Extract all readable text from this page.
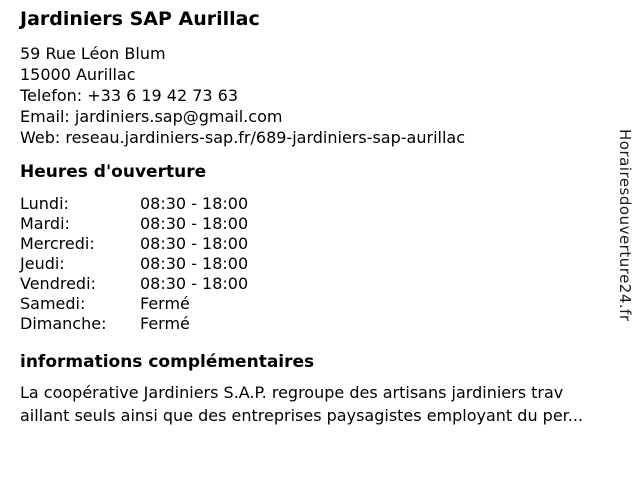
Jardiniers SAP Aurillac
59 Rue Léon Blum
15000 Aurillac
Telefon: +33 6 19 42 73 63
Email: jardiniers.sap@gmail.com
Web: reseau.jardiniers-sap.fr/689-jardiniers-sap-aurillac
Heures d'ouverture
Lundi:	08:30 - 18:00
Mardi:	08:30 - 18:00
Mercredi:	08:30 - 18:00
Jeudi:	08:30 - 18:00
Vendredi:	08:30 - 18:00
Samedi:	Fermé
Dimanche:	Fermé
informations complémentaires
La coopérative Jardiniers S.A.P. regroupe des artisans jardiniers trav
aillant seuls ainsi que des entreprises paysagistes employant du per...
Horairesdouverture24.fr
